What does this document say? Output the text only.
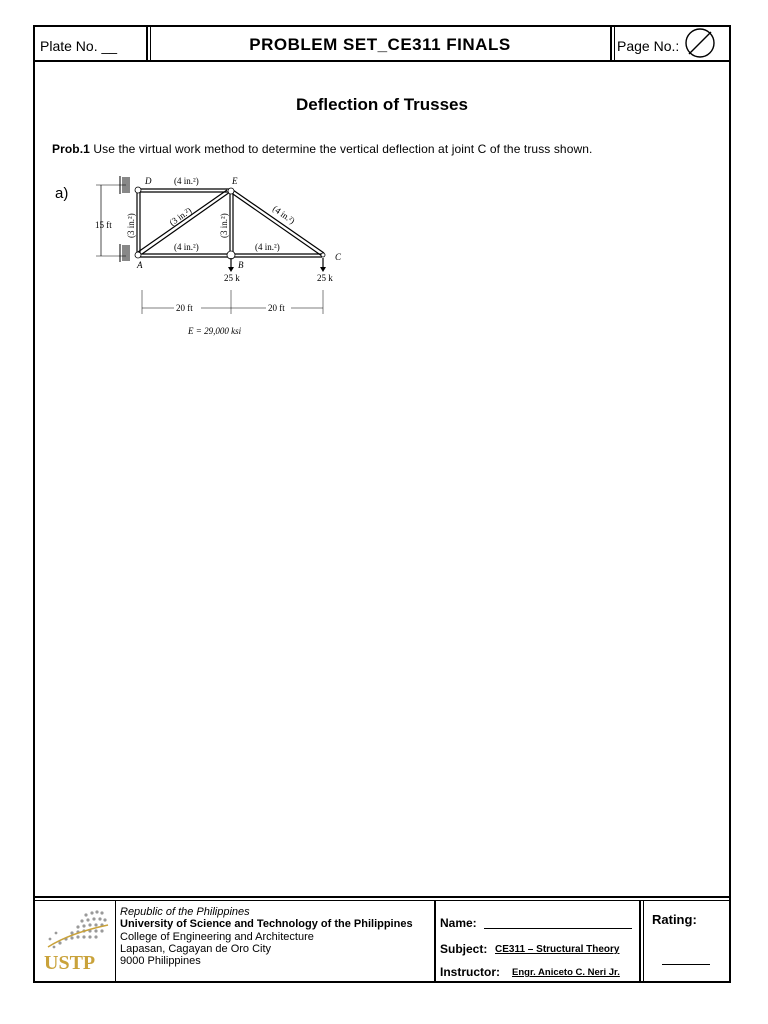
Plate No. __	PROBLEM SET_CE311 FINALS	Page No.:
Deflection of Trusses
Prob.1 Use the virtual work method to determine the vertical deflection at joint C of the truss shown.
a)
D	E
A	B
C
(4 in.²)
(4 in.²)	(4 in.²)
(3 in.²)	(3 in.²)
(3 in.²)	(4 in.²)
15 ft
25 k	25 k
20 ft	20 ft
E = 29,000 ksi
USTP
Republic of the Philippines
University of Science and Technology of the Philippines
College of Engineering and Architecture
Lapasan, Cagayan de Oro City
9000 Philippines
Name:
Subject: CE311 – Structural Theory
Instructor: Engr. Aniceto C. Neri Jr.
Rating:
